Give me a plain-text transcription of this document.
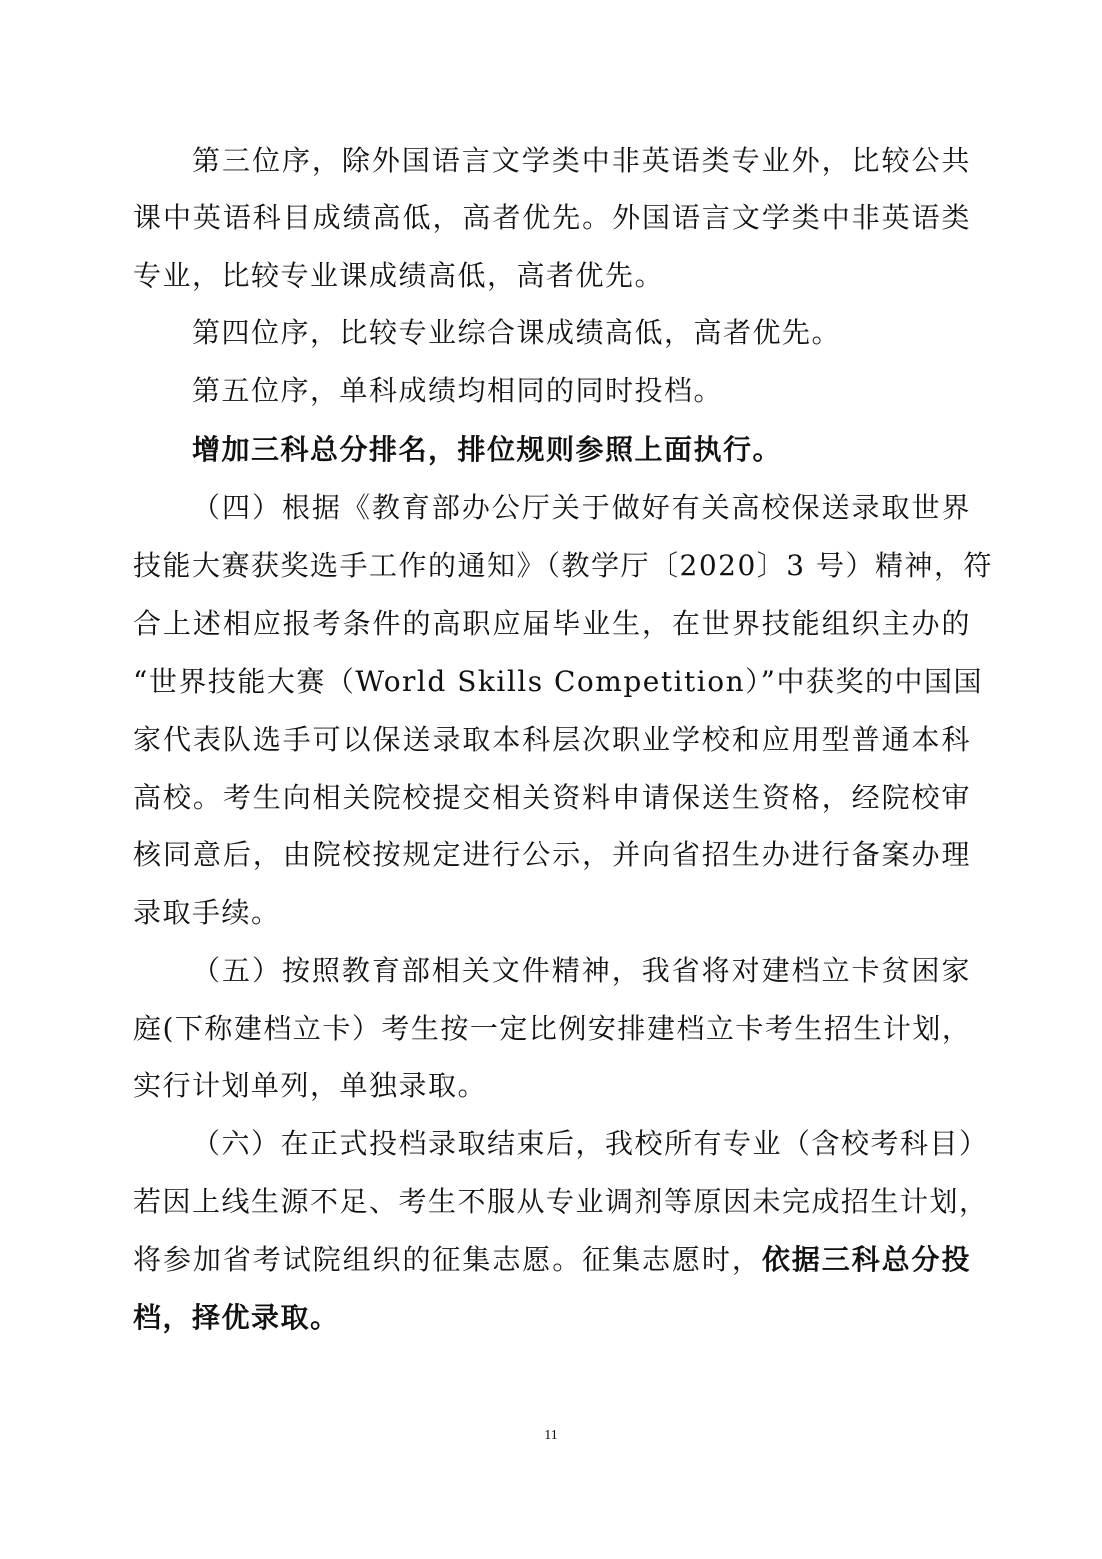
第三位序，除外国语言文学类中非英语类专业外，比较公共
课中英语科目成绩高低，高者优先。外国语言文学类中非英语类
专业，比较专业课成绩高低，高者优先。
第四位序，比较专业综合课成绩高低，高者优先。
第五位序，单科成绩均相同的同时投档。
增加三科总分排名，排位规则参照上面执行。
（四）根据《教育部办公厅关于做好有关高校保送录取世界
技能大赛获奖选手工作的通知》（教学厅〔2020〕3 号）精神，符
合上述相应报考条件的高职应届毕业生，在世界技能组织主办的
“世界技能大赛（World Skills Competition）”中获奖的中国国
家代表队选手可以保送录取本科层次职业学校和应用型普通本科
高校。考生向相关院校提交相关资料申请保送生资格，经院校审
核同意后，由院校按规定进行公示，并向省招生办进行备案办理
录取手续。
（五）按照教育部相关文件精神，我省将对建档立卡贫困家
庭(下称建档立卡）考生按一定比例安排建档立卡考生招生计划，
实行计划单列，单独录取。
（六）在正式投档录取结束后，我校所有专业（含校考科目）
若因上线生源不足、考生不服从专业调剂等原因未完成招生计划，
将参加省考试院组织的征集志愿。征集志愿时，依据三科总分投
档，择优录取。
11
